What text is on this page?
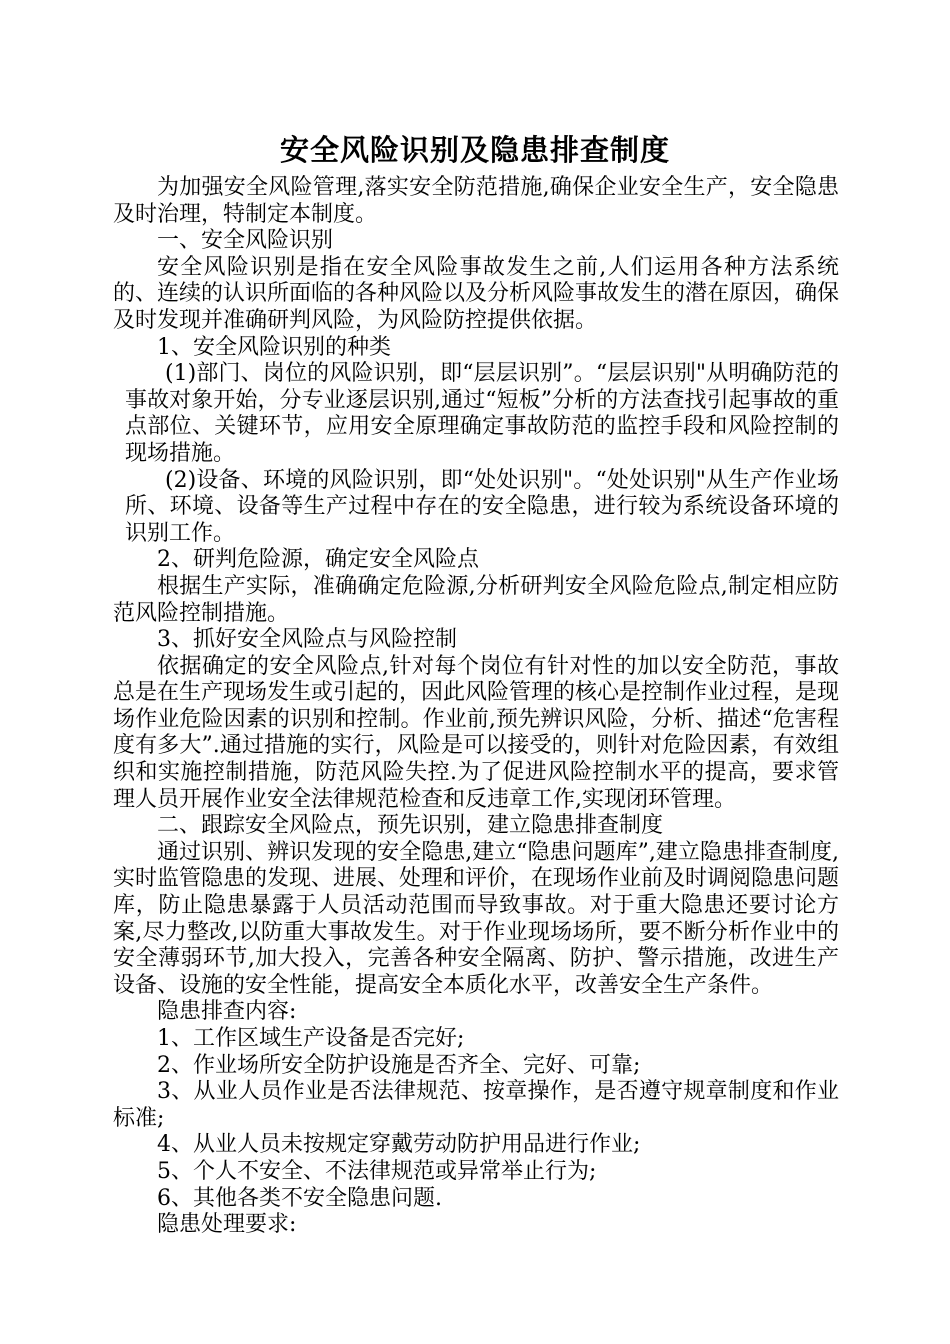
安全风险识别及隐患排查制度

为加强安全风险管理,落实安全防范措施,确保企业安全生产，安全隐患及时治理，特制定本制度。

一、安全风险识别

安全风险识别是指在安全风险事故发生之前,人们运用各种方法系统的、连续的认识所面临的各种风险以及分析风险事故发生的潜在原因，确保及时发现并准确研判风险，为风险防控提供依据。

1、安全风险识别的种类

(1)部门、岗位的风险识别，即“层层识别”。“层层识别"从明确防范的事故对象开始，分专业逐层识别,通过“短板”分析的方法查找引起事故的重点部位、关键环节，应用安全原理确定事故防范的监控手段和风险控制的现场措施。

(2)设备、环境的风险识别，即“处处识别"。“处处识别"从生产作业场所、环境、设备等生产过程中存在的安全隐患，进行较为系统设备环境的识别工作。

2、研判危险源，确定安全风险点

根据生产实际，准确确定危险源,分析研判安全风险危险点,制定相应防范风险控制措施。

3、抓好安全风险点与风险控制

依据确定的安全风险点,针对每个岗位有针对性的加以安全防范，事故总是在生产现场发生或引起的，因此风险管理的核心是控制作业过程，是现场作业危险因素的识别和控制。作业前,预先辨识风险，分析、描述“危害程度有多大”.通过措施的实行，风险是可以接受的，则针对危险因素，有效组织和实施控制措施，防范风险失控.为了促进风险控制水平的提高，要求管理人员开展作业安全法律规范检查和反违章工作,实现闭环管理。

二、跟踪安全风险点，预先识别，建立隐患排查制度

通过识别、辨识发现的安全隐患,建立“隐患问题库”,建立隐患排查制度,实时监管隐患的发现、进展、处理和评价，在现场作业前及时调阅隐患问题库，防止隐患暴露于人员活动范围而导致事故。对于重大隐患还要讨论方案,尽力整改,以防重大事故发生。对于作业现场场所，要不断分析作业中的安全薄弱环节,加大投入，完善各种安全隔离、防护、警示措施，改进生产设备、设施的安全性能，提高安全本质化水平，改善安全生产条件。

隐患排查内容:

1、工作区域生产设备是否完好;

2、作业场所安全防护设施是否齐全、完好、可靠;

3、从业人员作业是否法律规范、按章操作，是否遵守规章制度和作业标准;

4、从业人员未按规定穿戴劳动防护用品进行作业;

5、个人不安全、不法律规范或异常举止行为;

6、其他各类不安全隐患问题.

隐患处理要求:
